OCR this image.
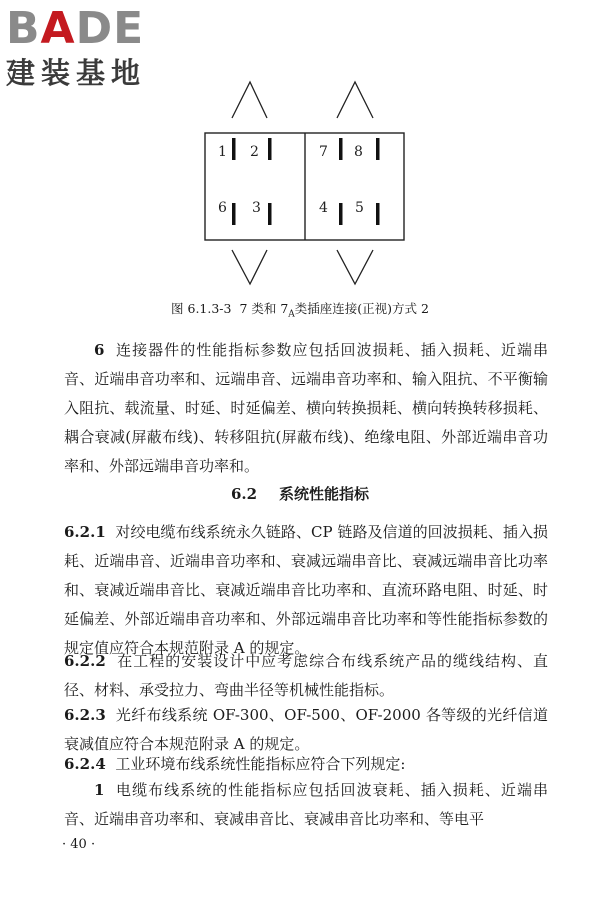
BADE
建装基地
1 2
6 3
7 8
4 5
图 6.1.3-3 7 类和 $7_A$类插座连接(正视)方式 2
6 连接器件的性能指标参数应包括回波损耗、插入损耗、近端串音、近端串音功率和、远端串音、远端串音功率和、输入阻抗、不平衡输入阻抗、载流量、时延、时延偏差、横向转换损耗、横向转换转移损耗、耦合衰减(屏蔽布线)、转移阻抗(屏蔽布线)、绝缘电阻、外部近端串音功率和、外部远端串音功率和。
6.2 系统性能指标
6.2.1 对绞电缆布线系统永久链路、CP 链路及信道的回波损耗、插入损耗、近端串音、近端串音功率和、衰减远端串音比、衰减远端串音比功率和、衰减近端串音比、衰减近端串音比功率和、直流环路电阻、时延、时延偏差、外部近端串音功率和、外部远端串音比功率和等性能指标参数的规定值应符合本规范附录 A 的规定。
6.2.2 在工程的安装设计中应考虑综合布线系统产品的缆线结构、直径、材料、承受拉力、弯曲半径等机械性能指标。
6.2.3 光纤布线系统 OF-300、OF-500、OF-2000 各等级的光纤信道衰减值应符合本规范附录 A 的规定。
6.2.4 工业环境布线系统性能指标应符合下列规定:
1 电缆布线系统的性能指标应包括回波衰耗、插入损耗、近端串音、近端串音功率和、衰减串音比、衰减串音比功率和、等电平
· 40 ·
